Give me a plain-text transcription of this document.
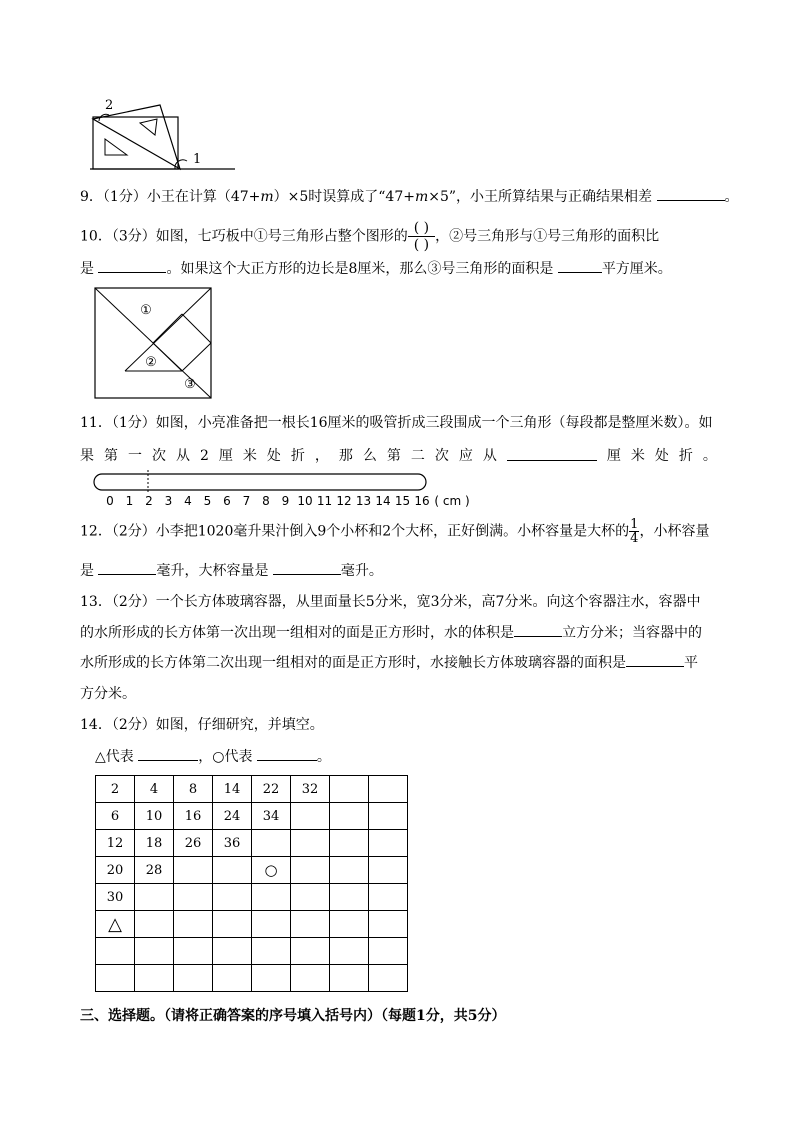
2
1
9．（1分）小王在计算（47+m）×5时误算成了“47+m×5”，小王所算结果与正确结果相差	。
10．（3分）如图，七巧板中①号三角形占整个图形的 $\frac{( )}{( )}$ ，②号三角形与①号三角形的面积比
是	。如果这个大正方形的边长是8厘米，那么③号三角形的面积是	平方厘米。
①
②
③
11．（1分）如图，小亮准备把一根长16厘米的吸管折成三段围成一个三角形（每段都是整厘米数）。如
果 第 一 次 从 2 厘 米 处 折 ， 那 么 第 二 次 应 从	厘 米 处 折 。
0 1 2 3 4 5 6 7 8 9 10 11 12 13 14 15 16 ( cm )
12．（2分）小李把1020毫升果汁倒入9个小杯和2个大杯，正好倒满。小杯容量是大杯的 $\frac{1}{4}$ ，小杯容量
是	毫升，大杯容量是	毫升。
13．（2分）一个长方体玻璃容器，从里面量长5分米，宽3分米，高7分米。向这个容器注水，容器中
的水所形成的长方体第一次出现一组相对的面是正方形时，水的体积是	立方分米；当容器中的
水所形成的长方体第二次出现一组相对的面是正方形时，水接触长方体玻璃容器的面积是	平
方分米。
14．（2分）如图，仔细研究，并填空。
△代表	，○代表	。
2	4	8	14	22	32		
6	10	16	24	34			
12	18	26	36				
20	28			○			
30							
△							

三、选择题。（请将正确答案的序号填入括号内）（每题1分，共5分）
